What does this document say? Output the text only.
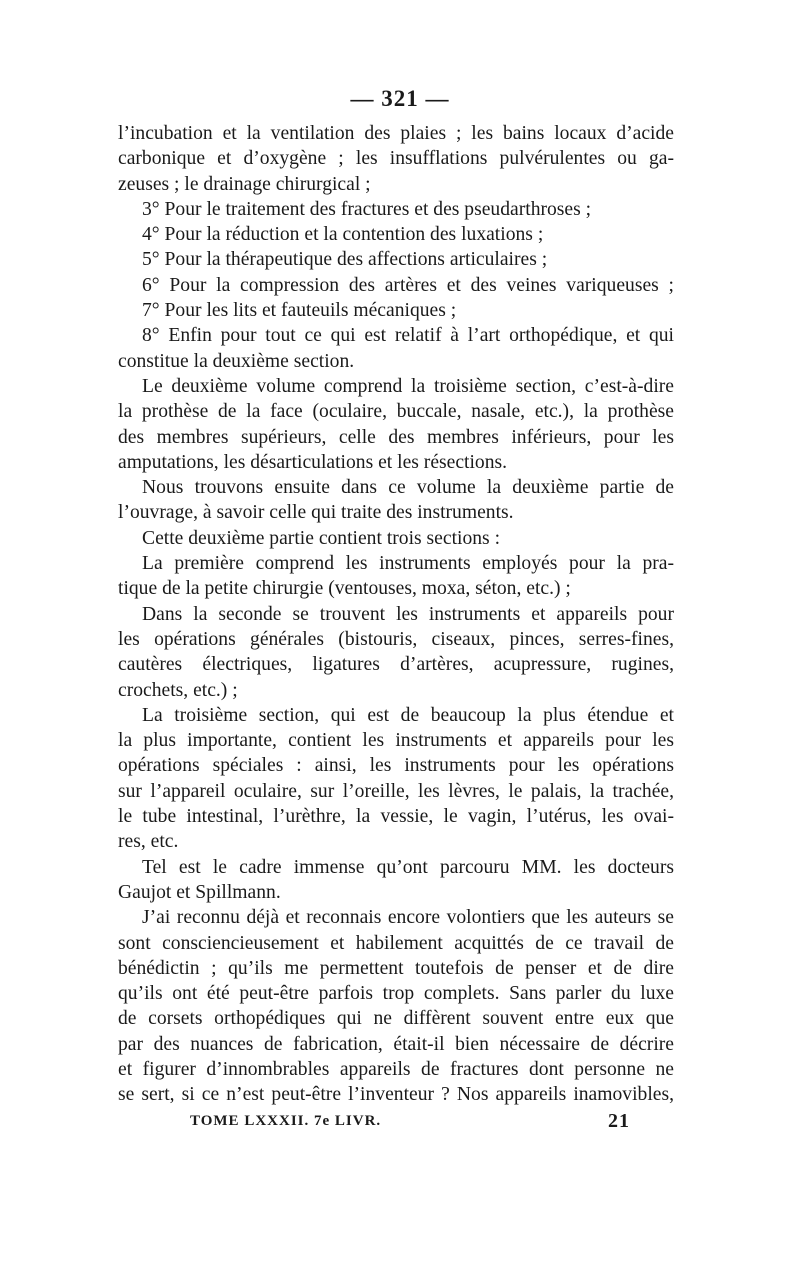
— 321 —
l’incubation et la ventilation des plaies ; les bains locaux d’acide
carbonique et d’oxygène ; les insufflations pulvérulentes ou ga-
zeuses ; le drainage chirurgical ;
3° Pour le traitement des fractures et des pseudarthroses ;
4° Pour la réduction et la contention des luxations ;
5° Pour la thérapeutique des affections articulaires ;
6° Pour la compression des artères et des veines variqueuses ;
7° Pour les lits et fauteuils mécaniques ;
8° Enfin pour tout ce qui est relatif à l’art orthopédique, et qui
constitue la deuxième section.
Le deuxième volume comprend la troisième section, c’est-à-dire
la prothèse de la face (oculaire, buccale, nasale, etc.), la prothèse
des membres supérieurs, celle des membres inférieurs, pour les
amputations, les désarticulations et les résections.
Nous trouvons ensuite dans ce volume la deuxième partie de
l’ouvrage, à savoir celle qui traite des instruments.
Cette deuxième partie contient trois sections :
La première comprend les instruments employés pour la pra-
tique de la petite chirurgie (ventouses, moxa, séton, etc.) ;
Dans la seconde se trouvent les instruments et appareils pour
les opérations générales (bistouris, ciseaux, pinces, serres-fines,
cautères électriques, ligatures d’artères, acupressure, rugines,
crochets, etc.) ;
La troisième section, qui est de beaucoup la plus étendue et
la plus importante, contient les instruments et appareils pour les
opérations spéciales : ainsi, les instruments pour les opérations
sur l’appareil oculaire, sur l’oreille, les lèvres, le palais, la trachée,
le tube intestinal, l’urèthre, la vessie, le vagin, l’utérus, les ovai-
res, etc.
Tel est le cadre immense qu’ont parcouru MM. les docteurs
Gaujot et Spillmann.
J’ai reconnu déjà et reconnais encore volontiers que les auteurs se
sont consciencieusement et habilement acquittés de ce travail de
bénédictin ; qu’ils me permettent toutefois de penser et de dire
qu’ils ont été peut-être parfois trop complets. Sans parler du luxe
de corsets orthopédiques qui ne diffèrent souvent entre eux que
par des nuances de fabrication, était-il bien nécessaire de décrire
et figurer d’innombrables appareils de fractures dont personne ne
se sert, si ce n’est peut-être l’inventeur ? Nos appareils inamovibles,
TOME LXXXII. 7e LIVR.	21
